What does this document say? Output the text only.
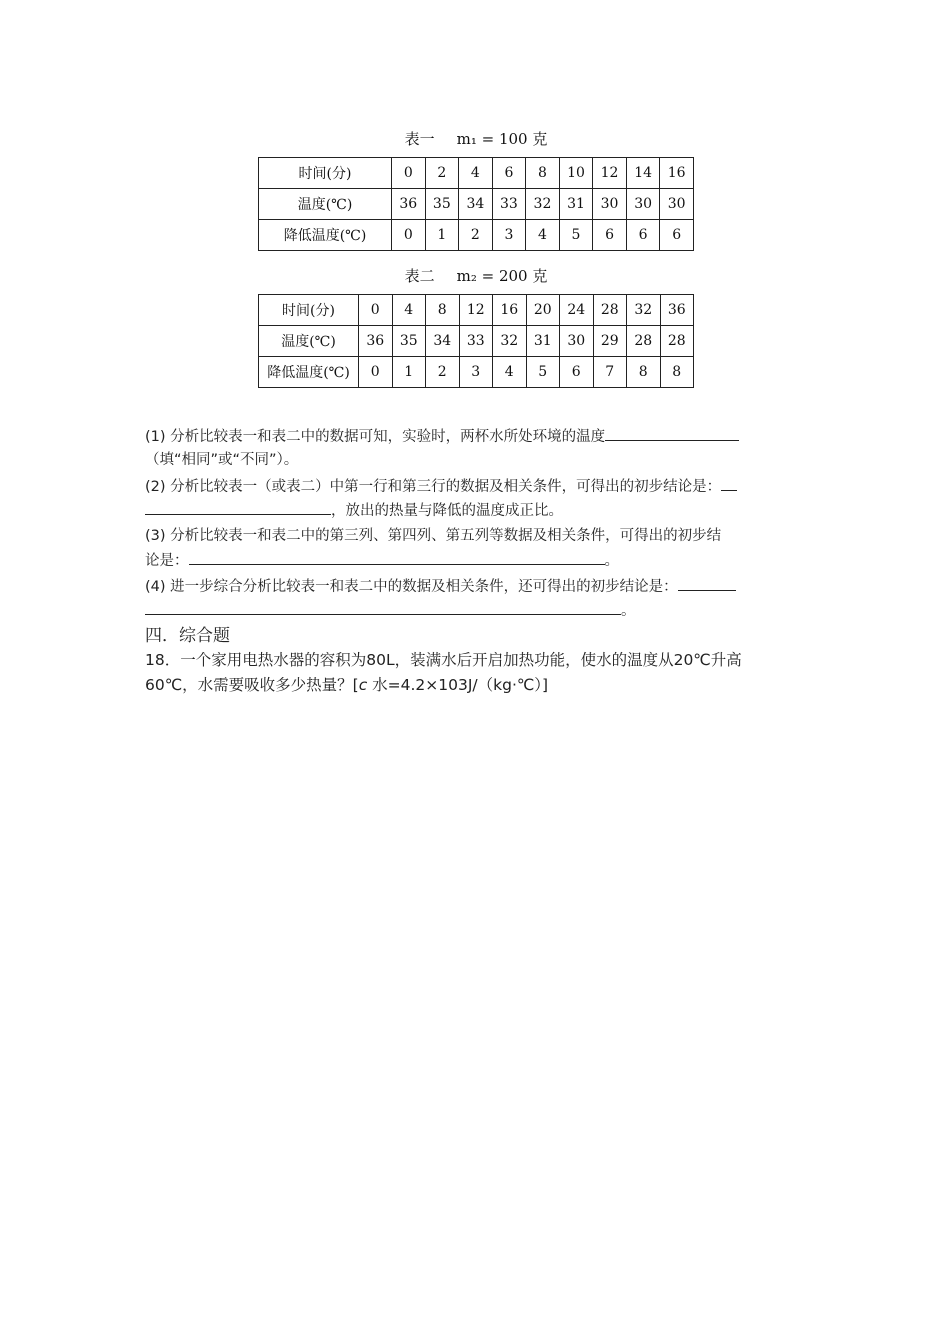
表一 m₁ = 100 克
时间(分)	0	2	4	6	8	10	12	14	16
温度(℃)	36	35	34	33	32	31	30	30	30
降低温度(℃)	0	1	2	3	4	5	6	6	6
表二 m₂ = 200 克
时间(分)	0	4	8	12	16	20	24	28	32	36
温度(℃)	36	35	34	33	32	31	30	29	28	28
降低温度(℃)	0	1	2	3	4	5	6	7	8	8
(1) 分析比较表一和表二中的数据可知，实验时，两杯水所处环境的温度
（填“相同”或“不同”）。
(2) 分析比较表一（或表二）中第一行和第三行的数据及相关条件，可得出的初步结论是：
，放出的热量与降低的温度成正比。
(3) 分析比较表一和表二中的第三列、第四列、第五列等数据及相关条件，可得出的初步结
论是：	。
(4) 进一步综合分析比较表一和表二中的数据及相关条件，还可得出的初步结论是：
。
四．综合题
18．一个家用电热水器的容积为80L，装满水后开启加热功能，使水的温度从20℃升高
60℃，水需要吸收多少热量？[c 水=4.2×103J/（kg·℃）]
